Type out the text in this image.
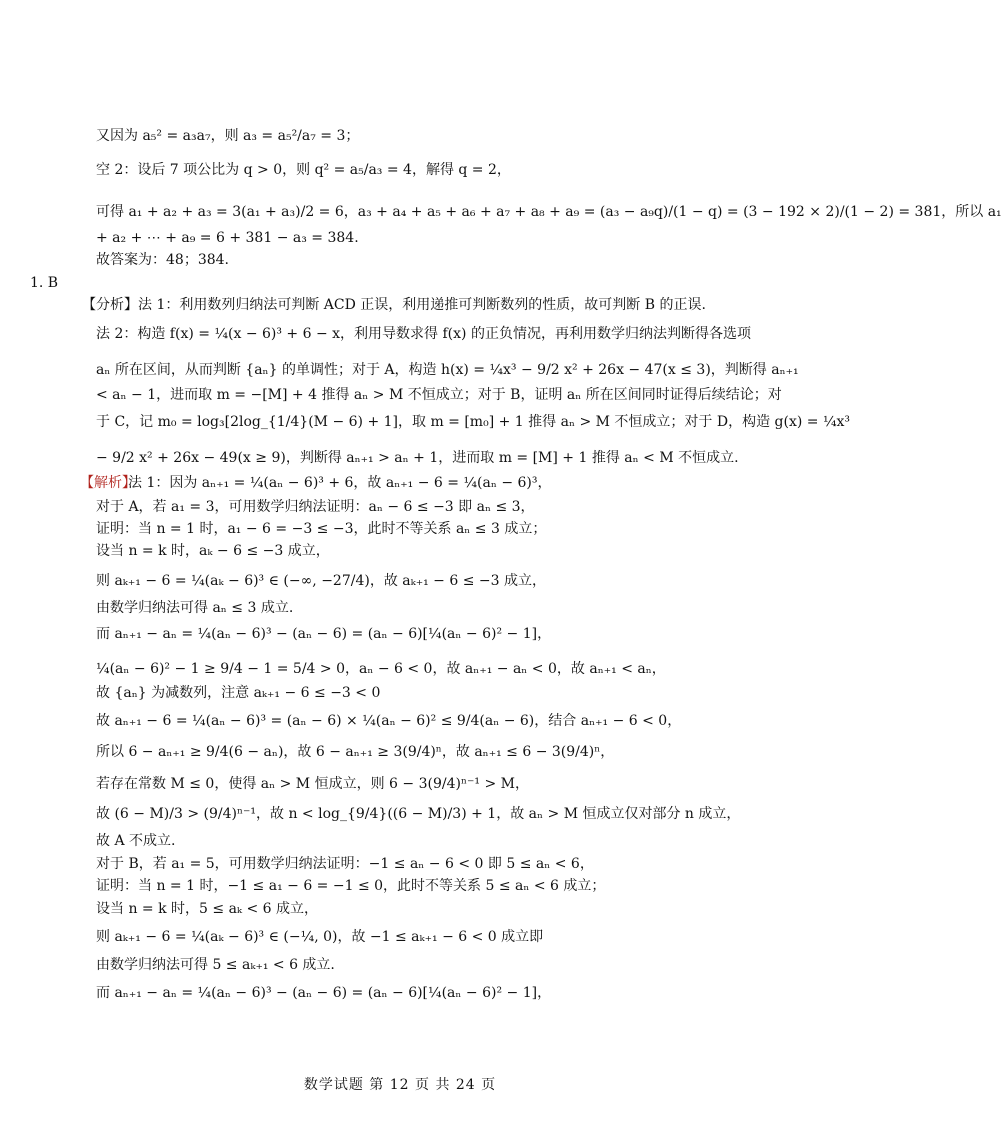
又因为 a₅² = a₃a₇，则 a₃ = a₅²/a₇ = 3；
空 2：设后 7 项公比为 q > 0，则 q² = a₅/a₃ = 4，解得 q = 2，
可得 a₁ + a₂ + a₃ = 3(a₁ + a₃)/2 = 6，a₃ + a₄ + a₅ + a₆ + a₇ + a₈ + a₉ = (a₃ − a₉q)/(1 − q) = (3 − 192 × 2)/(1 − 2) = 381，所以 a₁
+ a₂ + ⋯ + a₉ = 6 + 381 − a₃ = 384.
故答案为：48；384.
1. B
【分析】法 1：利用数列归纳法可判断 ACD 正误，利用递推可判断数列的性质，故可判断 B 的正误.
法 2：构造 f(x) = ¼(x − 6)³ + 6 − x，利用导数求得 f(x) 的正负情况，再利用数学归纳法判断得各选项
aₙ 所在区间，从而判断 {aₙ} 的单调性；对于 A，构造 h(x) = ¼x³ − 9/2 x² + 26x − 47(x ≤ 3)，判断得 aₙ₊₁
< aₙ − 1，进而取 m = −[M] + 4 推得 aₙ > M 不恒成立；对于 B，证明 aₙ 所在区间同时证得后续结论；对
于 C，记 m₀ = log₃[2log_{1/4}(M − 6) + 1]，取 m = [m₀] + 1 推得 aₙ > M 不恒成立；对于 D，构造 g(x) = ¼x³
− 9/2 x² + 26x − 49(x ≥ 9)，判断得 aₙ₊₁ > aₙ + 1，进而取 m = [M] + 1 推得 aₙ < M 不恒成立.
【解析】
法 1：因为 aₙ₊₁ = ¼(aₙ − 6)³ + 6，故 aₙ₊₁ − 6 = ¼(aₙ − 6)³，
对于 A，若 a₁ = 3，可用数学归纳法证明：aₙ − 6 ≤ −3 即 aₙ ≤ 3，
证明：当 n = 1 时，a₁ − 6 = −3 ≤ −3，此时不等关系 aₙ ≤ 3 成立；
设当 n = k 时，aₖ − 6 ≤ −3 成立，
则 aₖ₊₁ − 6 = ¼(aₖ − 6)³ ∈ (−∞, −27/4)，故 aₖ₊₁ − 6 ≤ −3 成立，
由数学归纳法可得 aₙ ≤ 3 成立.
而 aₙ₊₁ − aₙ = ¼(aₙ − 6)³ − (aₙ − 6) = (aₙ − 6)[¼(aₙ − 6)² − 1]，
¼(aₙ − 6)² − 1 ≥ 9/4 − 1 = 5/4 > 0，aₙ − 6 < 0，故 aₙ₊₁ − aₙ < 0，故 aₙ₊₁ < aₙ，
故 {aₙ} 为减数列，注意 aₖ₊₁ − 6 ≤ −3 < 0
故 aₙ₊₁ − 6 = ¼(aₙ − 6)³ = (aₙ − 6) × ¼(aₙ − 6)² ≤ 9/4(aₙ − 6)，结合 aₙ₊₁ − 6 < 0，
所以 6 − aₙ₊₁ ≥ 9/4(6 − aₙ)，故 6 − aₙ₊₁ ≥ 3(9/4)ⁿ，故 aₙ₊₁ ≤ 6 − 3(9/4)ⁿ，
若存在常数 M ≤ 0，使得 aₙ > M 恒成立，则 6 − 3(9/4)ⁿ⁻¹ > M，
故 (6 − M)/3 > (9/4)ⁿ⁻¹，故 n < log_{9/4}((6 − M)/3) + 1，故 aₙ > M 恒成立仅对部分 n 成立，
故 A 不成立.
对于 B，若 a₁ = 5，可用数学归纳法证明：−1 ≤ aₙ − 6 < 0 即 5 ≤ aₙ < 6，
证明：当 n = 1 时，−1 ≤ a₁ − 6 = −1 ≤ 0，此时不等关系 5 ≤ aₙ < 6 成立；
设当 n = k 时，5 ≤ aₖ < 6 成立，
则 aₖ₊₁ − 6 = ¼(aₖ − 6)³ ∈ (−¼, 0)，故 −1 ≤ aₖ₊₁ − 6 < 0 成立即
由数学归纳法可得 5 ≤ aₖ₊₁ < 6 成立.
而 aₙ₊₁ − aₙ = ¼(aₙ − 6)³ − (aₙ − 6) = (aₙ − 6)[¼(aₙ − 6)² − 1]，
数学试题 第 12 页 共 24 页
